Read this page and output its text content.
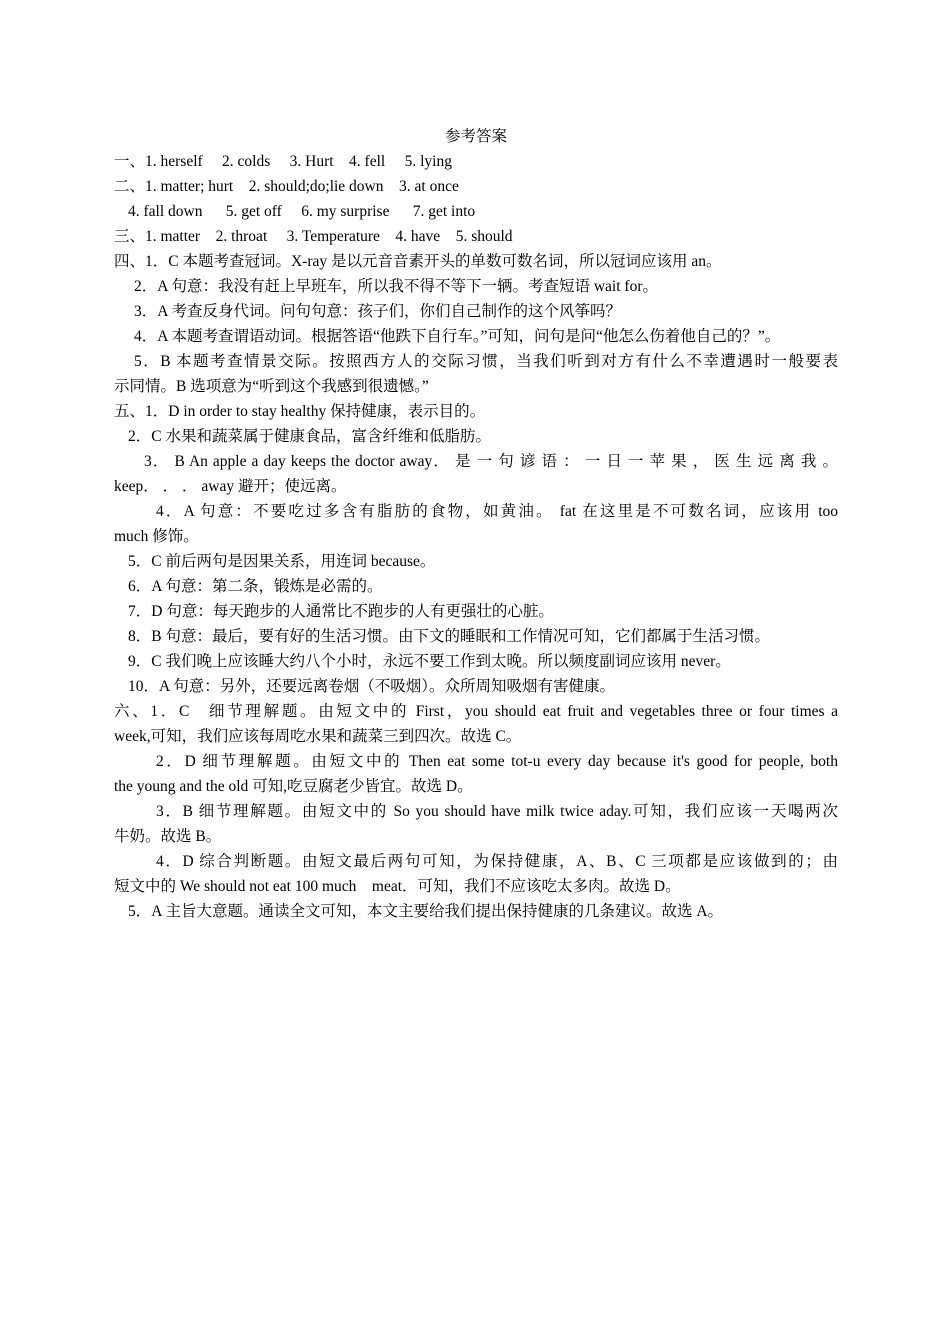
参考答案
一、1. herself     2. colds     3. Hurt    4. fell     5. lying
二、1. matter; hurt    2. should;do;lie down    3. at once
4. fall down      5. get off     6. my surprise      7. get into
三、1. matter    2. throat     3. Temperature    4. have    5. should
四、1．C 本题考查冠词。X-ray 是以元音音素开头的单数可数名词，所以冠词应该用 an。
2．A 句意：我没有赶上早班车，所以我不得不等下一辆。考查短语 wait for。
3．A 考查反身代词。问句句意：孩子们，你们自己制作的这个风筝吗？
4．A 本题考查谓语动词。根据答语“他跌下自行车。”可知，问句是问“他怎么伤着他自己的？”。
5．B 本题考查情景交际。按照西方人的交际习惯，当我们听到对方有什么不幸遭遇时一般要表
示同情。B 选项意为“听到这个我感到很遗憾。”
五、1．D in order to stay healthy 保持健康，表示目的。
2．C 水果和蔬菜属于健康食品，富含纤维和低脂肪。
3． B An apple a day keeps the doctor away． 是 一 句 谚 语 ： 一 日 一 苹 果 ， 医 生 远 离 我 。
keep． ． ． away 避开；使远离。
4．A 句意：不要吃过多含有脂肪的食物，如黄油。 fat 在这里是不可数名词，应该用 too
much 修饰。
5．C 前后两句是因果关系，用连词 because。
6．A 句意：第二条，锻炼是必需的。
7．D 句意：每天跑步的人通常比不跑步的人有更强壮的心脏。
8．B 句意：最后，要有好的生活习惯。由下文的睡眠和工作情况可知，它们都属于生活习惯。
9．C 我们晚上应该睡大约八个小时，永远不要工作到太晚。所以频度副词应该用 never。
10．A 句意：另外，还要远离卷烟（不吸烟）。众所周知吸烟有害健康。
六、1．C   细节理解题。由短文中的 First，you should eat fruit and vegetables three or four times a
week,可知，我们应该每周吃水果和蔬菜三到四次。故选 C。
2．D 细节理解题。由短文中的 Then eat some tot-u every day because it's good for people, both
the young and the old 可知,吃豆腐老少皆宜。故选 D。
3．B 细节理解题。由短文中的 So you should have milk twice aday.可知，我们应该一天喝两次
牛奶。故选 B。
4．D 综合判断题。由短文最后两句可知，为保持健康，A、B、C 三项都是应该做到的；由
短文中的 We should not eat 100 much    meat．可知，我们不应该吃太多肉。故选 D。
5．A 主旨大意题。通读全文可知，本文主要给我们提出保持健康的几条建议。故选 A。
